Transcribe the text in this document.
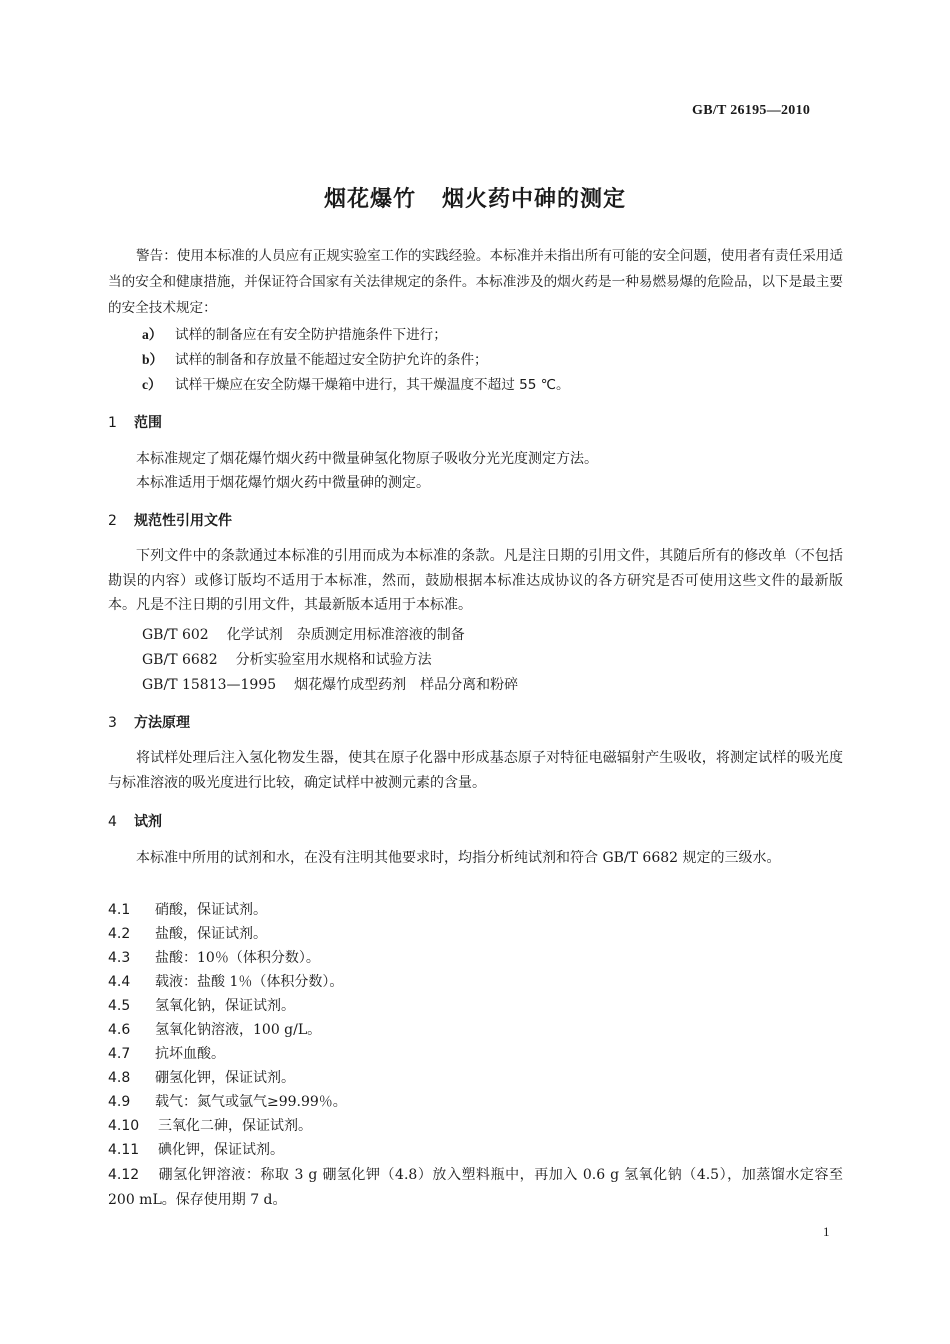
GB/T 26195—2010
烟花爆竹 烟火药中砷的测定
警告：使用本标准的人员应有正规实验室工作的实践经验。本标准并未指出所有可能的安全问题，使用者有责任采用适当的安全和健康措施，并保证符合国家有关法律规定的条件。本标准涉及的烟火药是一种易燃易爆的危险品，以下是最主要的安全技术规定：
a） 试样的制备应在有安全防护措施条件下进行；
b） 试样的制备和存放量不能超过安全防护允许的条件；
c） 试样干燥应在安全防爆干燥箱中进行，其干燥温度不超过 55 ℃。
1 范围
本标准规定了烟花爆竹烟火药中微量砷氢化物原子吸收分光光度测定方法。
本标准适用于烟花爆竹烟火药中微量砷的测定。
2 规范性引用文件
下列文件中的条款通过本标准的引用而成为本标准的条款。凡是注日期的引用文件，其随后所有的修改单（不包括勘误的内容）或修订版均不适用于本标准，然而，鼓励根据本标准达成协议的各方研究是否可使用这些文件的最新版本。凡是不注日期的引用文件，其最新版本适用于本标准。
GB/T 602 化学试剂　杂质测定用标准溶液的制备
GB/T 6682 分析实验室用水规格和试验方法
GB/T 15813—1995 烟花爆竹成型药剂　样品分离和粉碎
3 方法原理
将试样处理后注入氢化物发生器，使其在原子化器中形成基态原子对特征电磁辐射产生吸收，将测定试样的吸光度与标准溶液的吸光度进行比较，确定试样中被测元素的含量。
4 试剂
本标准中所用的试剂和水，在没有注明其他要求时，均指分析纯试剂和符合 GB/T 6682 规定的三级水。
4.1 硝酸，保证试剂。
4.2 盐酸，保证试剂。
4.3 盐酸：10％（体积分数）。
4.4 载液：盐酸 1％（体积分数）。
4.5 氢氧化钠，保证试剂。
4.6 氢氧化钠溶液，100 g/L。
4.7 抗坏血酸。
4.8 硼氢化钾，保证试剂。
4.9 载气：氮气或氩气≥99.99％。
4.10 三氧化二砷，保证试剂。
4.11 碘化钾，保证试剂。
4.12 硼氢化钾溶液：称取 3 g 硼氢化钾（4.8）放入塑料瓶中，再加入 0.6 g 氢氧化钠（4.5），加蒸馏水定容至 200 mL。保存使用期 7 d。
1
